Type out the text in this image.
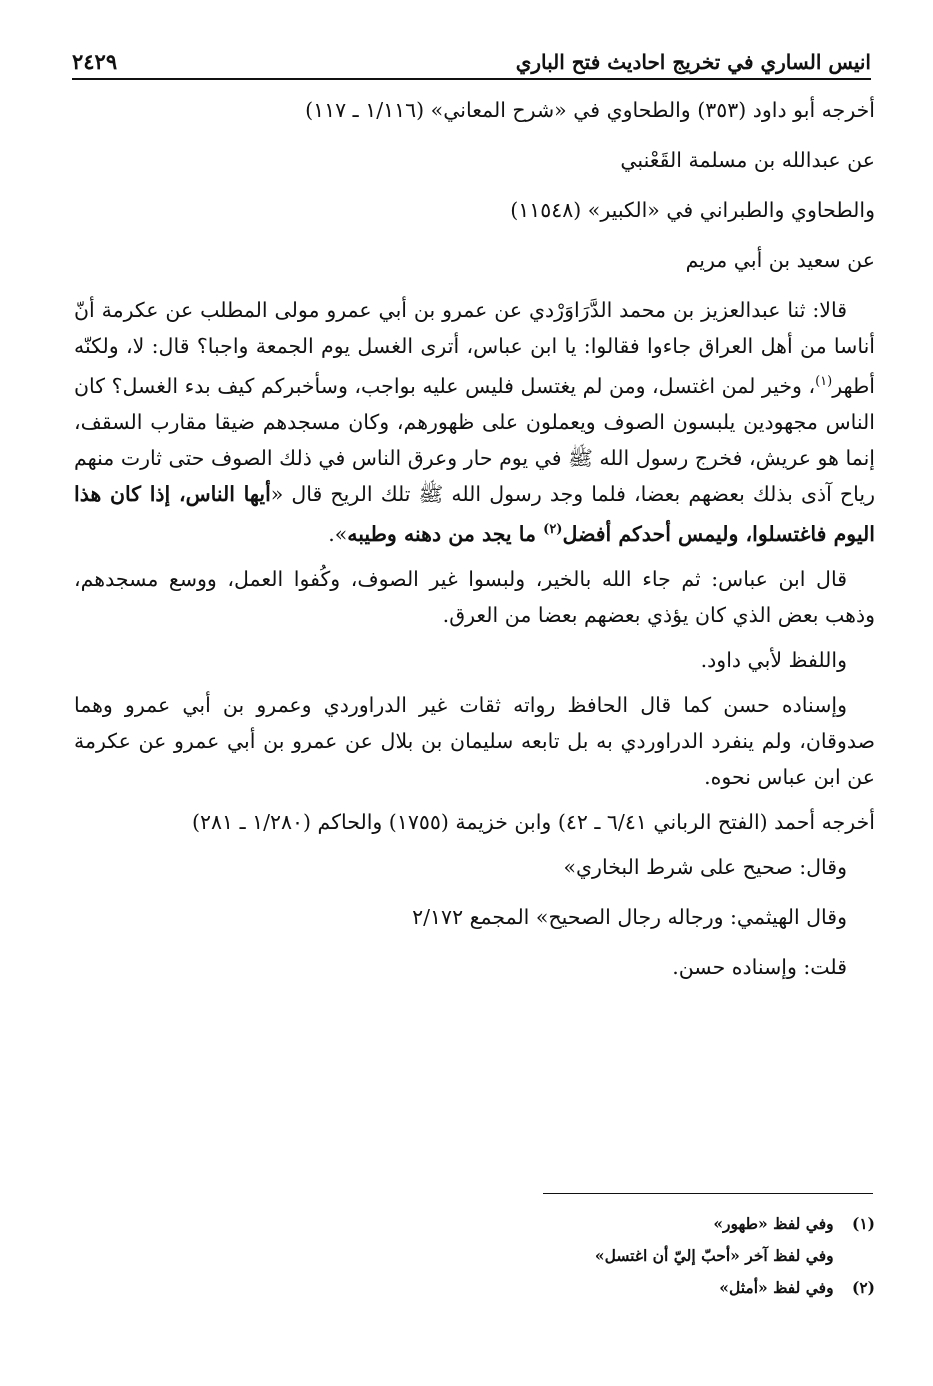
انيس الساري في تخريج احاديث فتح الباري
٢٤٢٩

أخرجه أبو داود (٣٥٣) والطحاوي في «شرح المعاني» (١/١١٦ ـ ١١٧)

عن عبدالله بن مسلمة القَعْنبي

والطحاوي والطبراني في «الكبير» (١١٥٤٨)

عن سعيد بن أبي مريم

قالا: ثنا عبدالعزيز بن محمد الدَّرَاوَرْدي عن عمرو بن أبي عمرو مولى المطلب عن عكرمة أنّ أناسا من أهل العراق جاءوا فقالوا: يا ابن عباس، أترى الغسل يوم الجمعة واجبا؟ قال: لا، ولكنّه أطهر$^{(١)}$، وخير لمن اغتسل، ومن لم يغتسل فليس عليه بواجب، وسأخبركم كيف بدء الغسل؟ كان الناس مجهودين يلبسون الصوف ويعملون على ظهورهم، وكان مسجدهم ضيقا مقارب السقف، إنما هو عريش، فخرج رسول الله ﷺ في يوم حار وعرق الناس في ذلك الصوف حتى ثارت منهم رياح آذى بذلك بعضهم بعضا، فلما وجد رسول الله ﷺ تلك الريح قال «أيها الناس، إذا كان هذا اليوم فاغتسلوا، وليمس أحدكم أفضل$^{(٢)}$ ما يجد من دهنه وطيبه».

قال ابن عباس: ثم جاء الله بالخير، ولبسوا غير الصوف، وكُفوا العمل، ووسع مسجدهم، وذهب بعض الذي كان يؤذي بعضهم بعضا من العرق.

واللفظ لأبي داود.

وإسناده حسن كما قال الحافظ رواته ثقات غير الدراوردي وعمرو بن أبي عمرو وهما صدوقان، ولم ينفرد الدراوردي به بل تابعه سليمان بن بلال عن عمرو بن أبي عمرو عن عكرمة عن ابن عباس نحوه.

أخرجه أحمد (الفتح الرباني ٦/٤١ ـ ٤٢) وابن خزيمة (١٧٥٥) والحاكم (١/٢٨٠ ـ ٢٨١)

وقال: صحيح على شرط البخاري»

وقال الهيثمي: ورجاله رجال الصحيح» المجمع ٢/١٧٢

قلت: وإسناده حسن.

(١) وفي لفظ «طهور»

وفي لفظ آخر «أحبّ إليّ أن اغتسل»

(٢) وفي لفظ «أمثل»
